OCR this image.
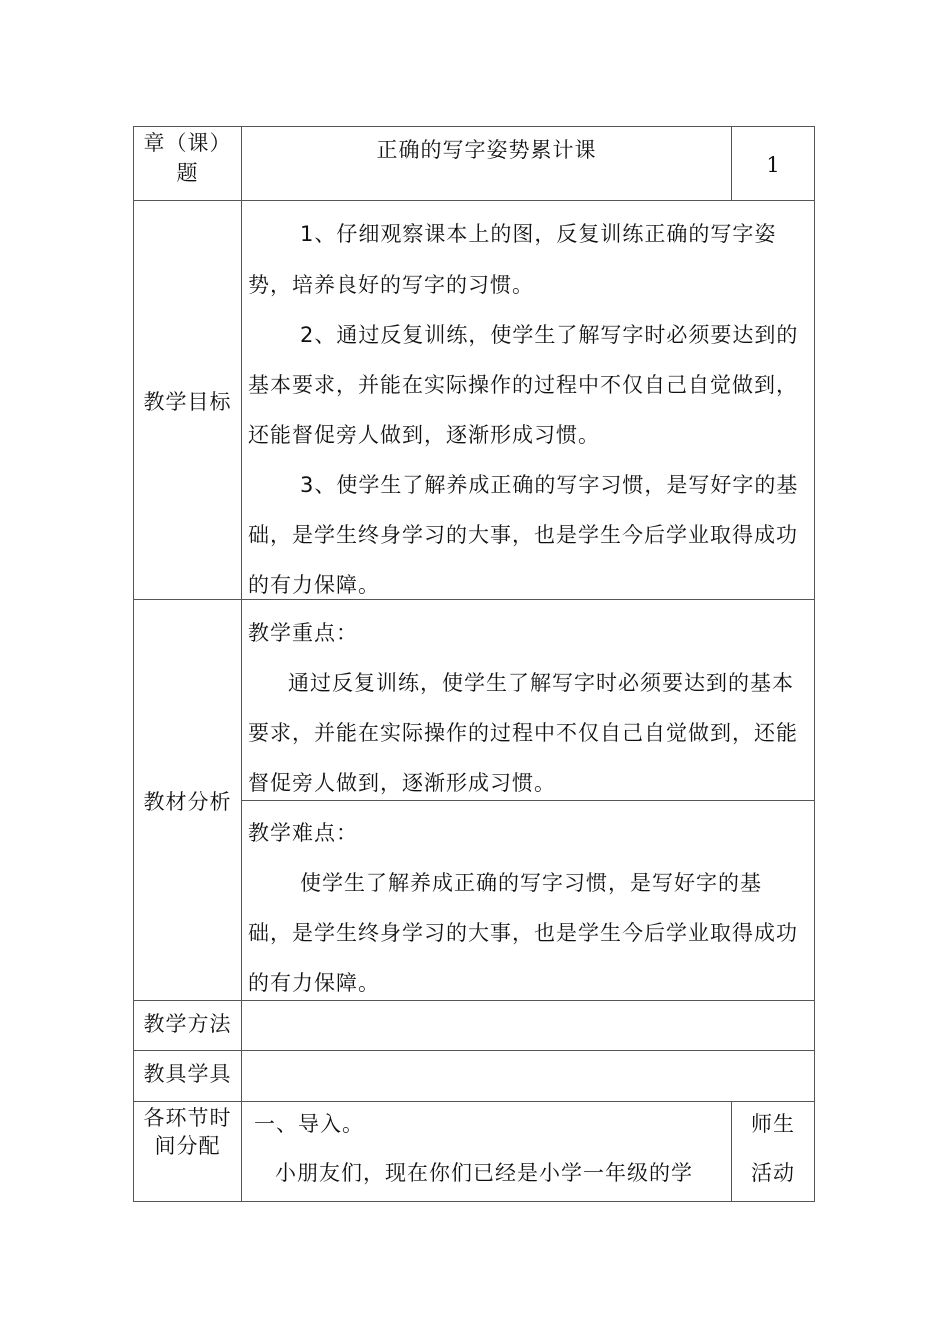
章（课）
题
正确的写字姿势累计课
1
教学目标
1、仔细观察课本上的图，反复训练正确的写字姿
势，培养良好的写字的习惯。
2、通过反复训练，使学生了解写字时必须要达到的
基本要求，并能在实际操作的过程中不仅自己自觉做到，
还能督促旁人做到，逐渐形成习惯。
3、使学生了解养成正确的写字习惯，是写好字的基
础，是学生终身学习的大事，也是学生今后学业取得成功
的有力保障。
教材分析
教学重点：
通过反复训练，使学生了解写字时必须要达到的基本
要求，并能在实际操作的过程中不仅自己自觉做到，还能
督促旁人做到，逐渐形成习惯。
教学难点：
使学生了解养成正确的写字习惯，是写好字的基
础，是学生终身学习的大事，也是学生今后学业取得成功
的有力保障。
教学方法
教具学具
各环节时
间分配
一、导入。
小朋友们，现在你们已经是小学一年级的学
师生
活动
